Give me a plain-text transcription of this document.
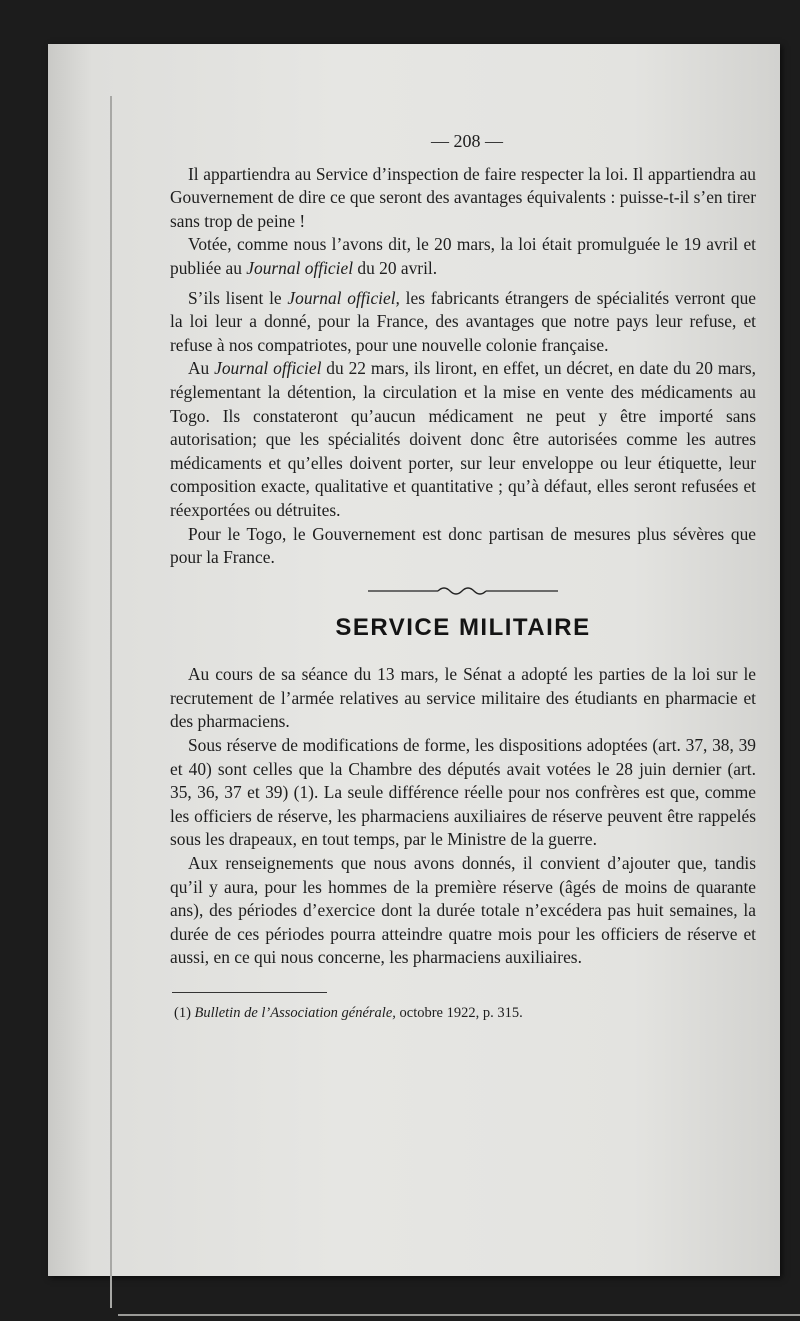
— 208 —

Il appartiendra au Service d’inspection de faire respecter la loi. Il appartiendra au Gouvernement de dire ce que seront des avantages équivalents : puisse-t-il s’en tirer sans trop de peine !

Votée, comme nous l’avons dit, le 20 mars, la loi était promulguée le 19 avril et publiée au Journal officiel du 20 avril.

S’ils lisent le Journal officiel, les fabricants étrangers de spécialités verront que la loi leur a donné, pour la France, des avantages que notre pays leur refuse, et refuse à nos compatriotes, pour une nouvelle colonie française.

Au Journal officiel du 22 mars, ils liront, en effet, un décret, en date du 20 mars, réglementant la détention, la circulation et la mise en vente des médicaments au Togo. Ils constateront qu’aucun médicament ne peut y être importé sans autorisation; que les spécialités doivent donc être autorisées comme les autres médicaments et qu’elles doivent porter, sur leur enveloppe ou leur étiquette, leur composition exacte, qualitative et quantitative ; qu’à défaut, elles seront refusées et réexportées ou détruites.

Pour le Togo, le Gouvernement est donc partisan de mesures plus sévères que pour la France.

SERVICE MILITAIRE

Au cours de sa séance du 13 mars, le Sénat a adopté les parties de la loi sur le recrutement de l’armée relatives au service militaire des étudiants en pharmacie et des pharmaciens.

Sous réserve de modifications de forme, les dispositions adoptées (art. 37, 38, 39 et 40) sont celles que la Chambre des députés avait votées le 28 juin dernier (art. 35, 36, 37 et 39) (1). La seule différence réelle pour nos confrères est que, comme les officiers de réserve, les pharmaciens auxiliaires de réserve peuvent être rappelés sous les drapeaux, en tout temps, par le Ministre de la guerre.

Aux renseignements que nous avons donnés, il convient d’ajouter que, tandis qu’il y aura, pour les hommes de la première réserve (âgés de moins de quarante ans), des périodes d’exercice dont la durée totale n’excédera pas huit semaines, la durée de ces périodes pourra atteindre quatre mois pour les officiers de réserve et aussi, en ce qui nous concerne, les pharmaciens auxiliaires.

(1) Bulletin de l’Association générale, octobre 1922, p. 315.
